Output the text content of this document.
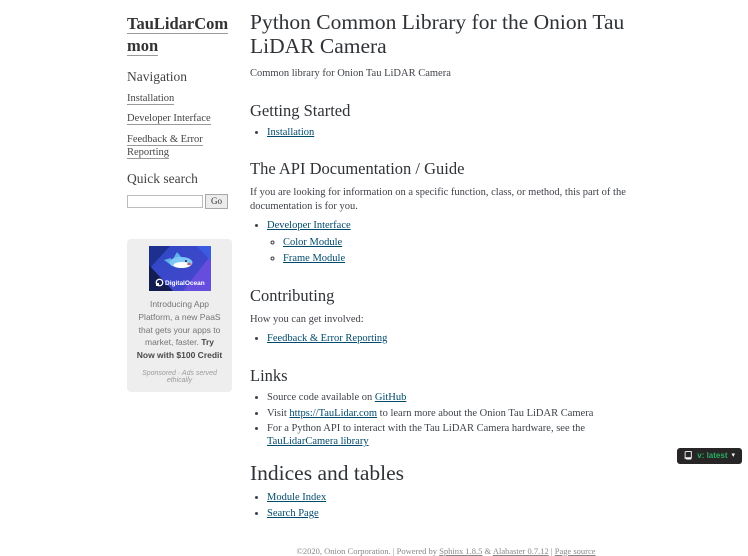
TauLidarCommon
Navigation
Installation
Developer Interface
Feedback & Error Reporting
Quick search
Go
DigitalOcean

Introducing App Platform, a new PaaS that gets your apps to market, faster. Try Now with $100 Credit

Sponsored · Ads served ethically

Python Common Library for the Onion Tau LiDAR Camera

Common library for Onion Tau LiDAR Camera

Getting Started
• Installation
The API Documentation / Guide

If you are looking for information on a specific function, class, or method, this part of the documentation is for you.

• Developer Interface
◦ Color Module
◦ Frame Module
Contributing

How you can get involved:

• Feedback & Error Reporting
Links
• Source code available on GitHub
• Visit https://TauLidar.com to learn more about the Onion Tau LiDAR Camera
• For a Python API to interact with the Tau LiDAR Camera hardware, see the TauLidarCamera library
Indices and tables
• Module Index
• Search Page
©2020, Onion Corporation. | Powered by Sphinx 1.8.5 & Alabaster 0.7.12 | Page source
v: latest ▾
